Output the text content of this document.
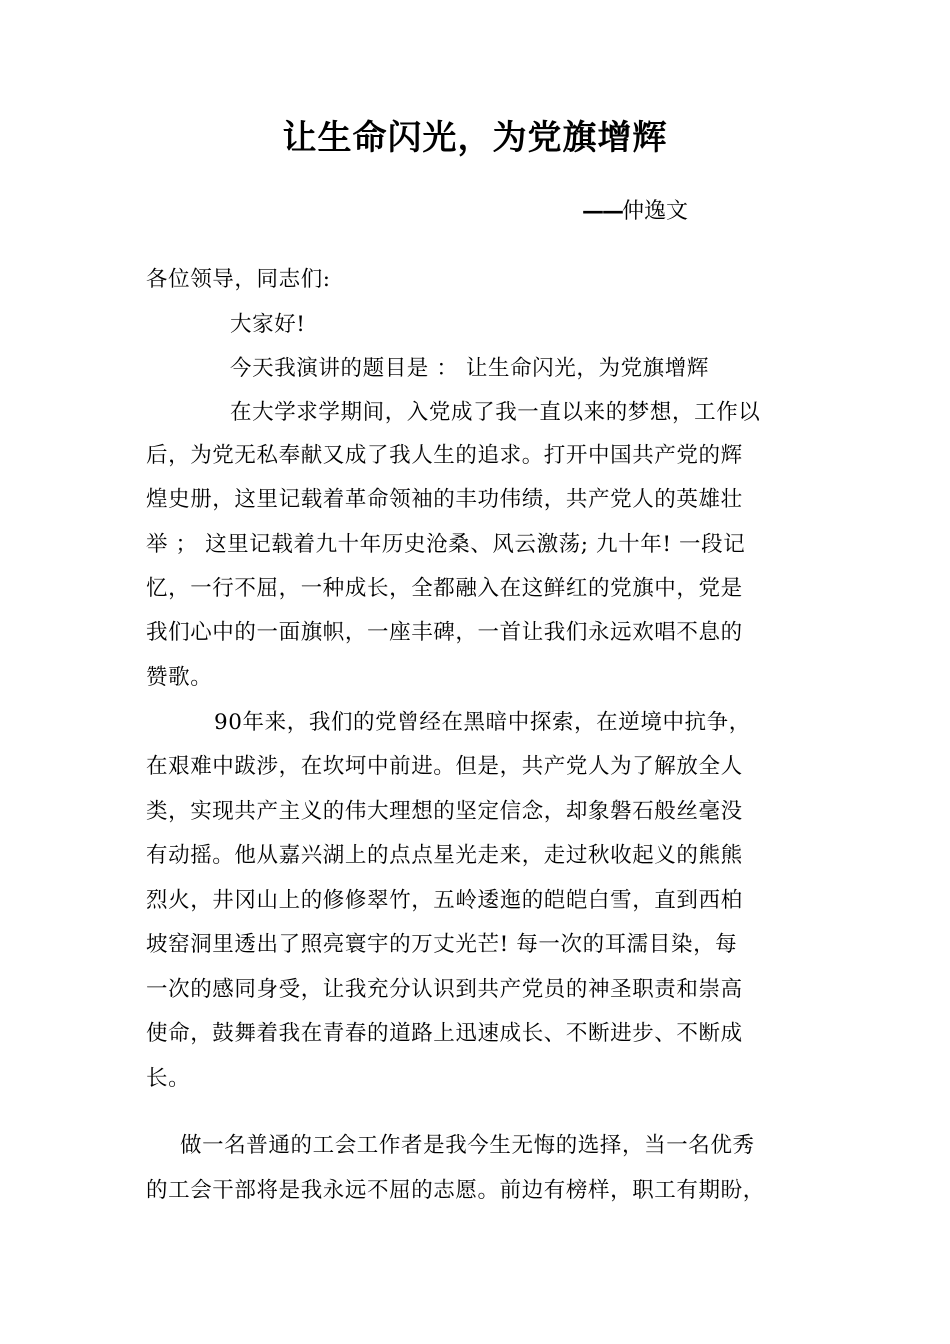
让生命闪光，为党旗增辉
——仲逸文
各位领导，同志们:
大家好!
今天我演讲的题目是 ： 让生命闪光，为党旗增辉
在大学求学期间，入党成了我一直以来的梦想，工作以
后，为党无私奉献又成了我人生的追求。打开中国共产党的辉
煌史册，这里记载着革命领袖的丰功伟绩，共产党人的英雄壮
举 ； 这里记载着九十年历史沧桑、风云激荡; 九十年! 一段记
忆，一行不屈，一种成长，全都融入在这鲜红的党旗中，党是
我们心中的一面旗帜，一座丰碑，一首让我们永远欢唱不息的
赞歌。
90年来，我们的党曾经在黑暗中探索，在逆境中抗争，
在艰难中跋涉，在坎坷中前进。但是，共产党人为了解放全人
类，实现共产主义的伟大理想的坚定信念，却象磐石般丝毫没
有动摇。他从嘉兴湖上的点点星光走来，走过秋收起义的熊熊
烈火，井冈山上的修修翠竹，五岭逶迤的皑皑白雪，直到西柏
坡窑洞里透出了照亮寰宇的万丈光芒! 每一次的耳濡目染，每
一次的感同身受，让我充分认识到共产党员的神圣职责和崇高
使命，鼓舞着我在青春的道路上迅速成长、不断进步、不断成
长。
做一名普通的工会工作者是我今生无悔的选择，当一名优秀
的工会干部将是我永远不屈的志愿。前边有榜样，职工有期盼，
